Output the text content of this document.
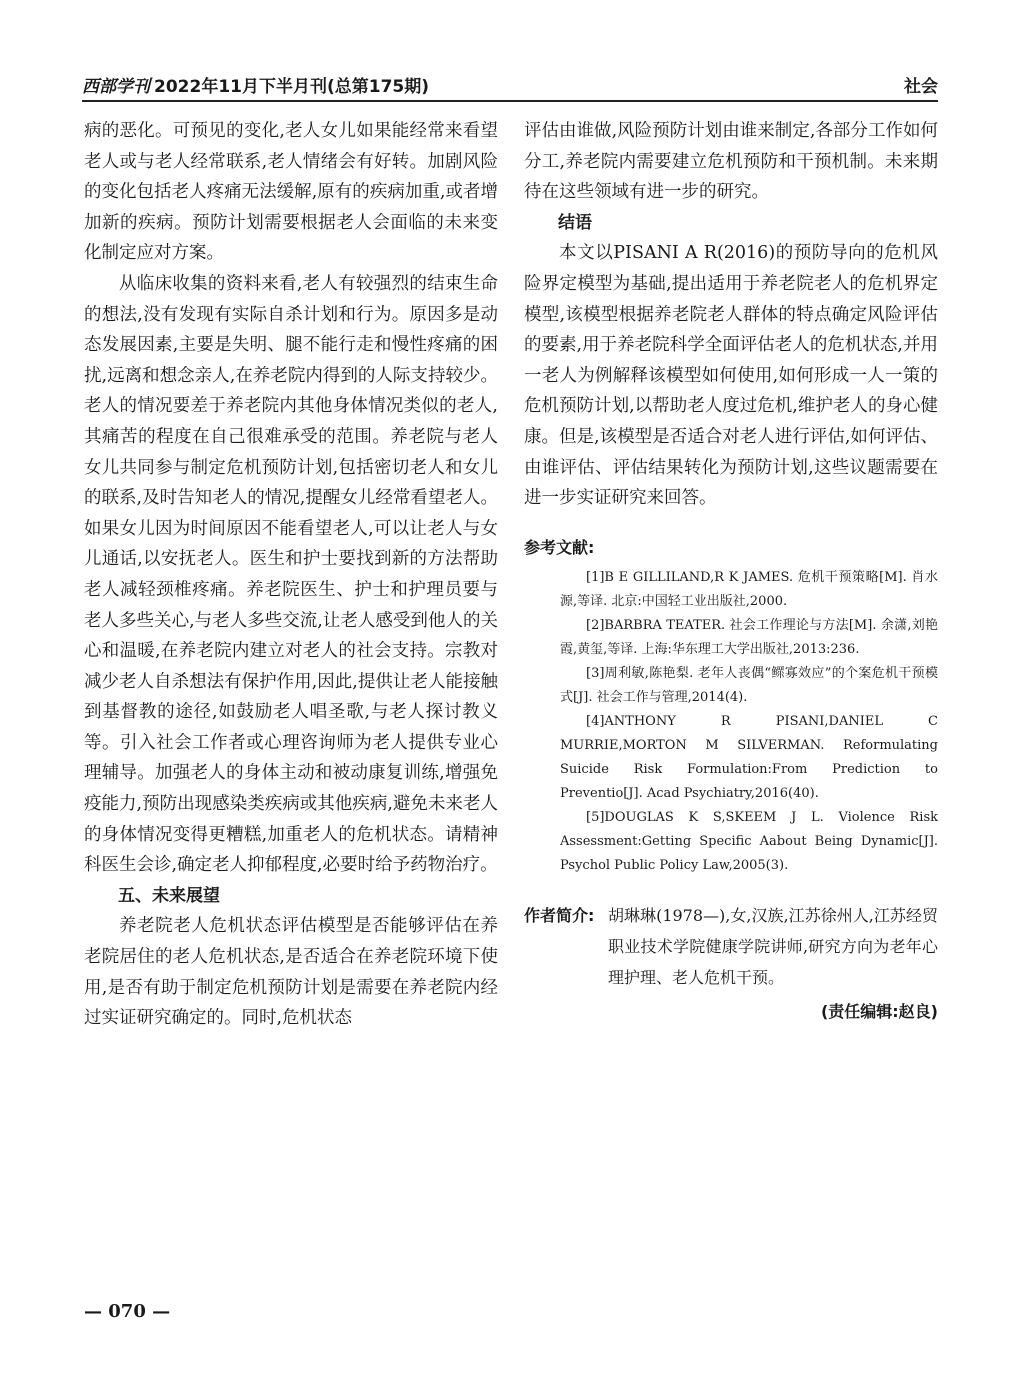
西部学刊 2022年11月下半月刊(总第175期)	社会

病的恶化。可预见的变化,老人女儿如果能经常来看望老人或与老人经常联系,老人情绪会有好转。加剧风险的变化包括老人疼痛无法缓解,原有的疾病加重,或者增加新的疾病。预防计划需要根据老人会面临的未来变化制定应对方案。

从临床收集的资料来看,老人有较强烈的结束生命的想法,没有发现有实际自杀计划和行为。原因多是动态发展因素,主要是失明、腿不能行走和慢性疼痛的困扰,远离和想念亲人,在养老院内得到的人际支持较少。老人的情况要差于养老院内其他身体情况类似的老人,其痛苦的程度在自己很难承受的范围。养老院与老人女儿共同参与制定危机预防计划,包括密切老人和女儿的联系,及时告知老人的情况,提醒女儿经常看望老人。如果女儿因为时间原因不能看望老人,可以让老人与女儿通话,以安抚老人。医生和护士要找到新的方法帮助老人减轻颈椎疼痛。养老院医生、护士和护理员要与老人多些关心,与老人多些交流,让老人感受到他人的关心和温暖,在养老院内建立对老人的社会支持。宗教对减少老人自杀想法有保护作用,因此,提供让老人能接触到基督教的途径,如鼓励老人唱圣歌,与老人探讨教义等。引入社会工作者或心理咨询师为老人提供专业心理辅导。加强老人的身体主动和被动康复训练,增强免疫能力,预防出现感染类疾病或其他疾病,避免未来老人的身体情况变得更糟糕,加重老人的危机状态。请精神科医生会诊,确定老人抑郁程度,必要时给予药物治疗。

五、未来展望

养老院老人危机状态评估模型是否能够评估在养老院居住的老人危机状态,是否适合在养老院环境下使用,是否有助于制定危机预防计划是需要在养老院内经过实证研究确定的。同时,危机状态

评估由谁做,风险预防计划由谁来制定,各部分工作如何分工,养老院内需要建立危机预防和干预机制。未来期待在这些领域有进一步的研究。

结语

本文以PISANI A R(2016)的预防导向的危机风险界定模型为基础,提出适用于养老院老人的危机界定模型,该模型根据养老院老人群体的特点确定风险评估的要素,用于养老院科学全面评估老人的危机状态,并用一老人为例解释该模型如何使用,如何形成一人一策的危机预防计划,以帮助老人度过危机,维护老人的身心健康。但是,该模型是否适合对老人进行评估,如何评估、由谁评估、评估结果转化为预防计划,这些议题需要在进一步实证研究来回答。

参考文献:

[1]B E GILLILAND,R K JAMES. 危机干预策略[M]. 肖水源,等译. 北京:中国轻工业出版社,2000.

[2]BARBRA TEATER. 社会工作理论与方法[M]. 余潇,刘艳霞,黄玺,等译. 上海:华东理工大学出版社,2013:236.

[3]周利敏,陈艳梨. 老年人丧偶“鳏寡效应”的个案危机干预模式[J]. 社会工作与管理,2014(4).

[4]ANTHONY R PISANI,DANIEL C MURRIE,MORTON M SILVERMAN. Reformulating Suicide Risk Formulation:From Prediction to Preventio[J]. Acad Psychiatry,2016(40).

[5]DOUGLAS K S,SKEEM J L. Violence Risk Assessment:Getting Specific Aabout Being Dynamic[J]. Psychol Public Policy Law,2005(3).

作者简介: 胡琳琳(1978—),女,汉族,江苏徐州人,江苏经贸职业技术学院健康学院讲师,研究方向为老年心理护理、老人危机干预。
(责任编辑:赵良)
— 070 —
